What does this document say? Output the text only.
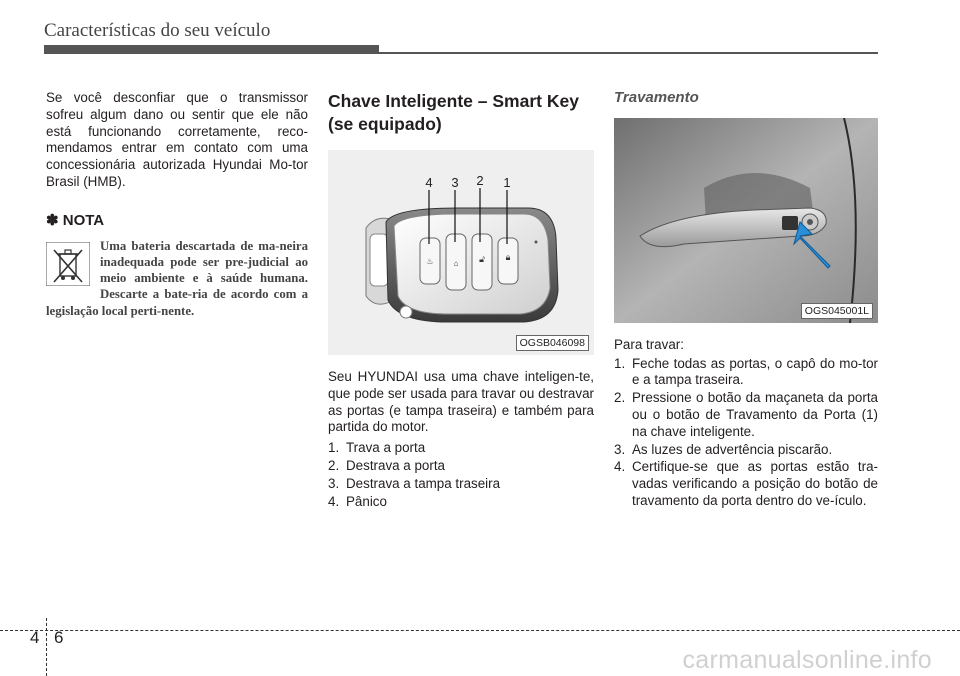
Características do seu veículo

Se você desconfiar que o transmissor sofreu algum dano ou sentir que ele não está funcionando corretamente, reco-mendamos entrar em contato com uma concessionária autorizada Hyundai Mo-tor Brasil (HMB).

✽ NOTA
Uma bateria descartada de ma-neira inadequada pode ser pre-judicial ao meio ambiente e à saúde humana. Descarte a bate-ria de acordo com a legislação local perti-nente.
Chave Inteligente – Smart Key (se equipado)
♨ ⌂ 🔓︎ 🔒︎
4 3 2 1
OGSB046098

Seu HYUNDAI usa uma chave inteligen-te, que pode ser usada para travar ou destravar as portas (e tampa traseira) e também para partida do motor.

1. Trava a porta
2. Destrava a porta
3. Destrava a tampa traseira
4. Pânico
Travamento
OGS045001L

Para travar:

1. Feche todas as portas, o capô do mo-tor e a tampa traseira.
2. Pressione o botão da maçaneta da porta ou o botão de Travamento da Porta (1) na chave inteligente.
3. As luzes de advertência piscarão.
4. Certifique-se que as portas estão tra-vadas verificando a posição do botão de travamento da porta dentro do ve-ículo.
4 6
carmanualsonline.info
